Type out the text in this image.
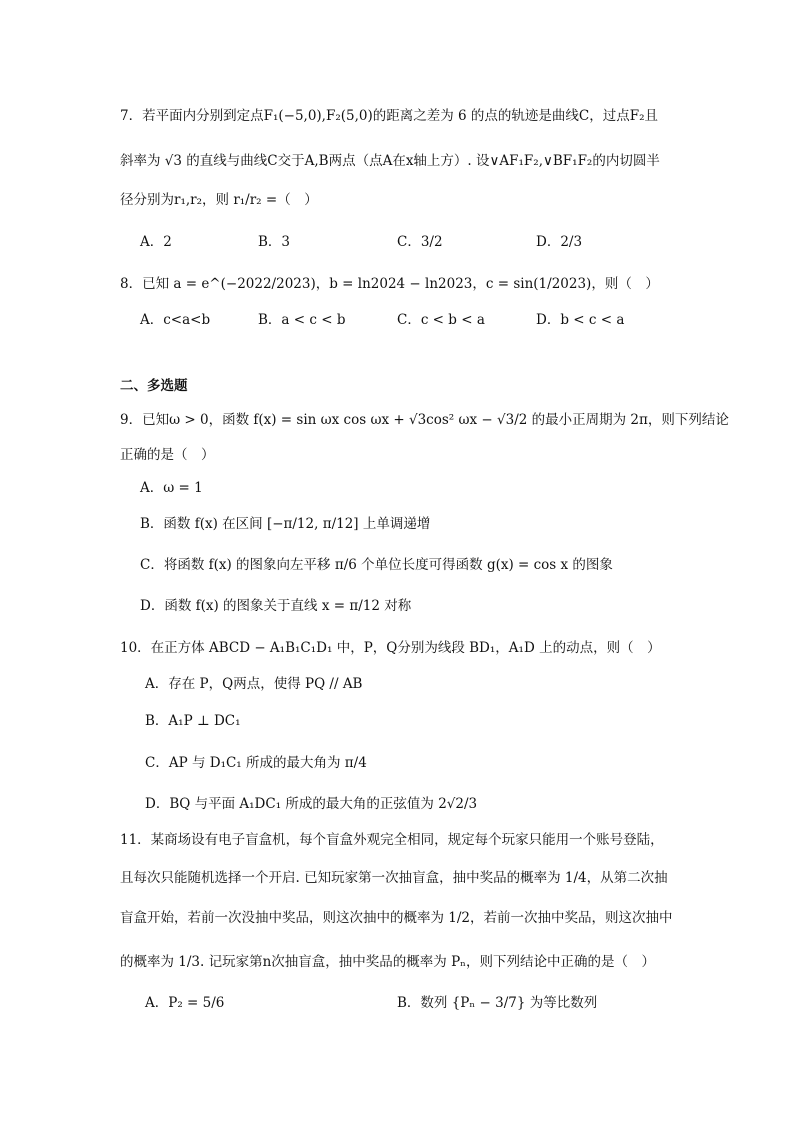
7．若平面内分别到定点F₁(−5,0),F₂(5,0)的距离之差为 6 的点的轨迹是曲线C，过点F₂且
斜率为 √3 的直线与曲线C交于A,B两点（点A在x轴上方）. 设∨AF₁F₂,∨BF₁F₂的内切圆半
径分别为r₁,r₂，则 r₁/r₂ =（　）
A．2	B．3	C．3/2	D．2/3
8．已知 a = e^(−2022/2023)，b = ln2024 − ln2023，c = sin(1/2023)，则（　）
A．c<a<b	B．a < c < b	C．c < b < a	D．b < c < a
二、多选题
9．已知ω > 0，函数 f(x) = sin ωx cos ωx + √3cos² ωx − √3/2 的最小正周期为 2π，则下列结论
正确的是（　）
A．ω = 1
B．函数 f(x) 在区间 [−π/12, π/12] 上单调递增
C．将函数 f(x) 的图象向左平移 π/6 个单位长度可得函数 g(x) = cos x 的图象
D．函数 f(x) 的图象关于直线 x = π/12 对称
10．在正方体 ABCD − A₁B₁C₁D₁ 中，P，Q分别为线段 BD₁，A₁D 上的动点，则（　）
A．存在 P，Q两点，使得 PQ // AB
B．A₁P ⊥ DC₁
C．AP 与 D₁C₁ 所成的最大角为 π/4
D．BQ 与平面 A₁DC₁ 所成的最大角的正弦值为 2√2/3
11．某商场设有电子盲盒机，每个盲盒外观完全相同，规定每个玩家只能用一个账号登陆，
且每次只能随机选择一个开启. 已知玩家第一次抽盲盒，抽中奖品的概率为 1/4，从第二次抽
盲盒开始，若前一次没抽中奖品，则这次抽中的概率为 1/2，若前一次抽中奖品，则这次抽中
的概率为 1/3. 记玩家第n次抽盲盒，抽中奖品的概率为 Pₙ，则下列结论中正确的是（　）
A．P₂ = 5/6	B．数列 {Pₙ − 3/7} 为等比数列
